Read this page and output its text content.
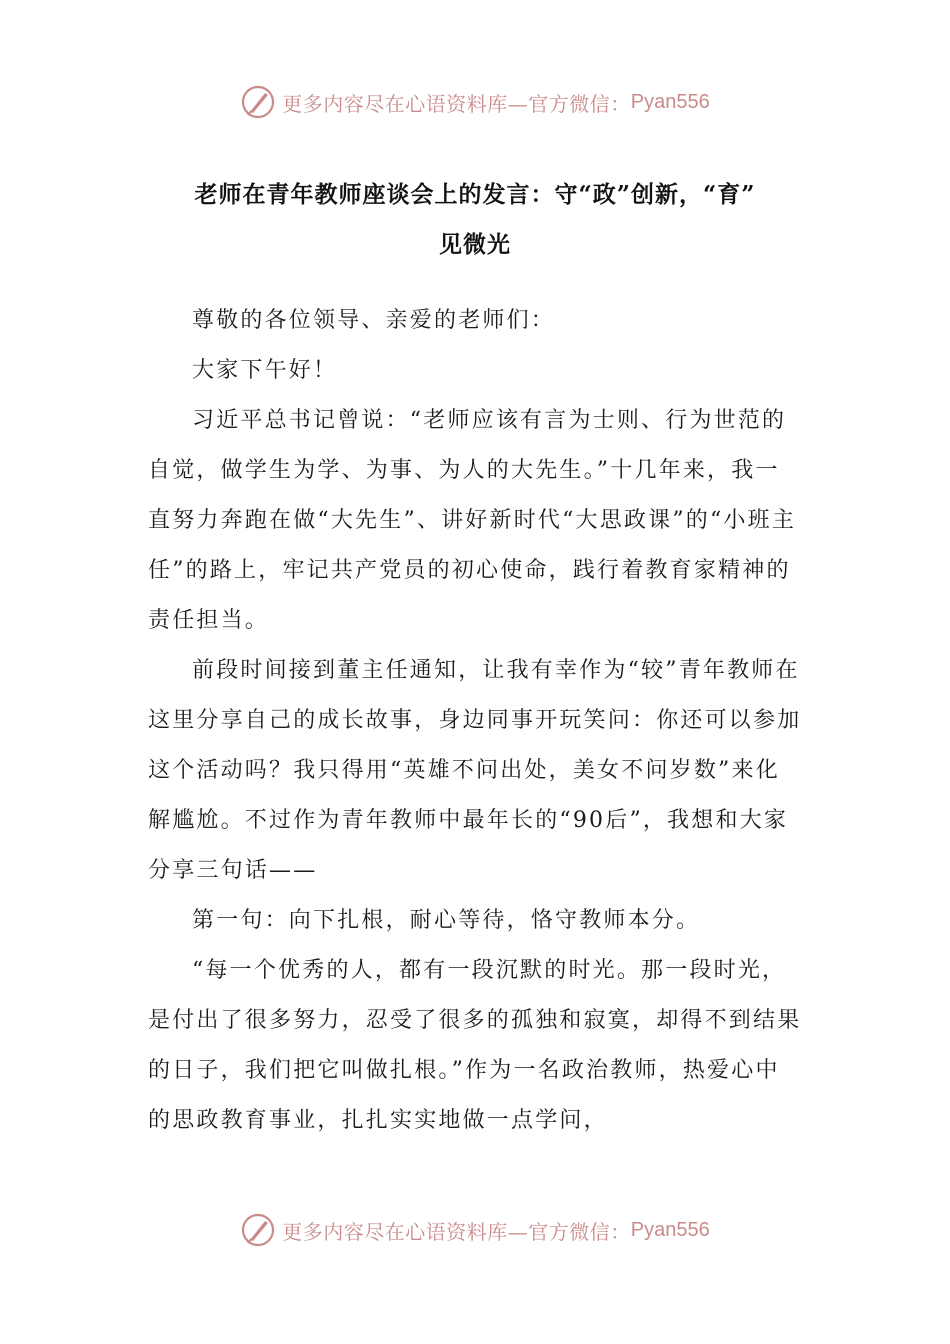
更多内容尽在心语资料库—官方微信： Pyan556
老师在青年教师座谈会上的发言：守“政”创新，“育”
见微光

尊敬的各位领导、亲爱的老师们：

大家下午好！

习近平总书记曾说：“老师应该有言为士则、行为世范的自觉，做学生为学、为事、为人的大先生。”十几年来，我一直努力奔跑在做“大先生”、讲好新时代“大思政课”的“小班主任”的路上，牢记共产党员的初心使命，践行着教育家精神的责任担当。

前段时间接到董主任通知，让我有幸作为“较”青年教师在这里分享自己的成长故事，身边同事开玩笑问：你还可以参加这个活动吗？我只得用“英雄不问出处，美女不问岁数”来化解尴尬。不过作为青年教师中最年长的“90后”，我想和大家分享三句话——

第一句：向下扎根，耐心等待，恪守教师本分。

“每一个优秀的人，都有一段沉默的时光。那一段时光，是付出了很多努力，忍受了很多的孤独和寂寞，却得不到结果的日子，我们把它叫做扎根。”作为一名政治教师，热爱心中的思政教育事业，扎扎实实地做一点学问，

更多内容尽在心语资料库—官方微信： Pyan556
